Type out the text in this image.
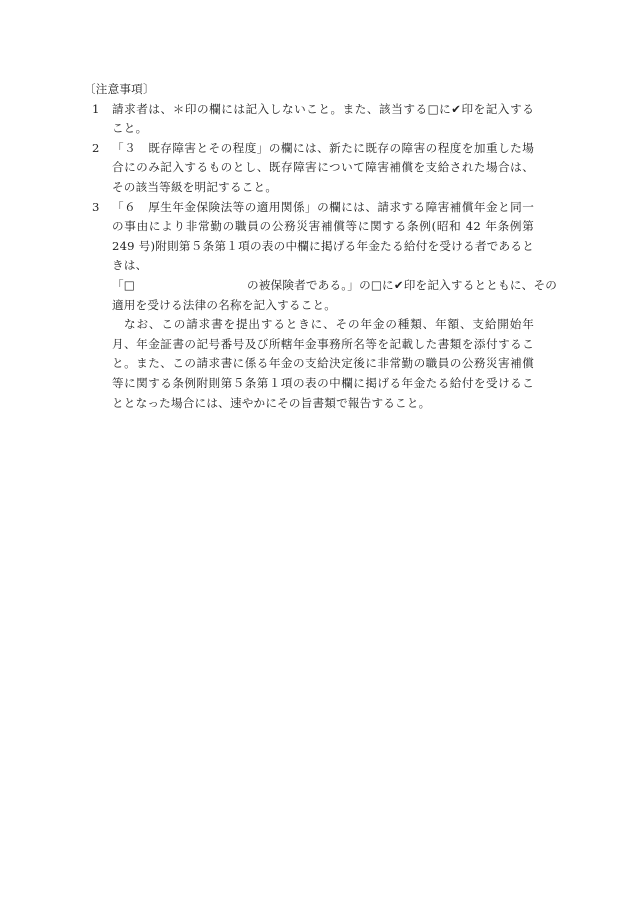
〔注意事項〕

1 請求者は、＊印の欄には記入しないこと。また、該当する□に✔印を記入すること。

2 「３　既存障害とその程度」の欄には、新たに既存の障害の程度を加重した場合にのみ記入するものとし、既存障害について障害補償を支給された場合は、その該当等級を明記すること。

3 「６　厚生年金保険法等の適用関係」の欄には、請求する障害補償年金と同一の事由により非常勤の職員の公務災害補償等に関する条例(昭和 42 年条例第 249 号)附則第５条第１項の表の中欄に掲げる年金たる給付を受ける者であるときは、
「□	の被保険者である。」の□に✔印を記入するとともに、その
適用を受ける法律の名称を記入すること。

なお、この請求書を提出するときに、その年金の種類、年額、支給開始年月、年金証書の記号番号及び所轄年金事務所名等を記載した書類を添付すること。また、この請求書に係る年金の支給決定後に非常勤の職員の公務災害補償等に関する条例附則第５条第１項の表の中欄に掲げる年金たる給付を受けることとなった場合には、速やかにその旨書類で報告すること。
